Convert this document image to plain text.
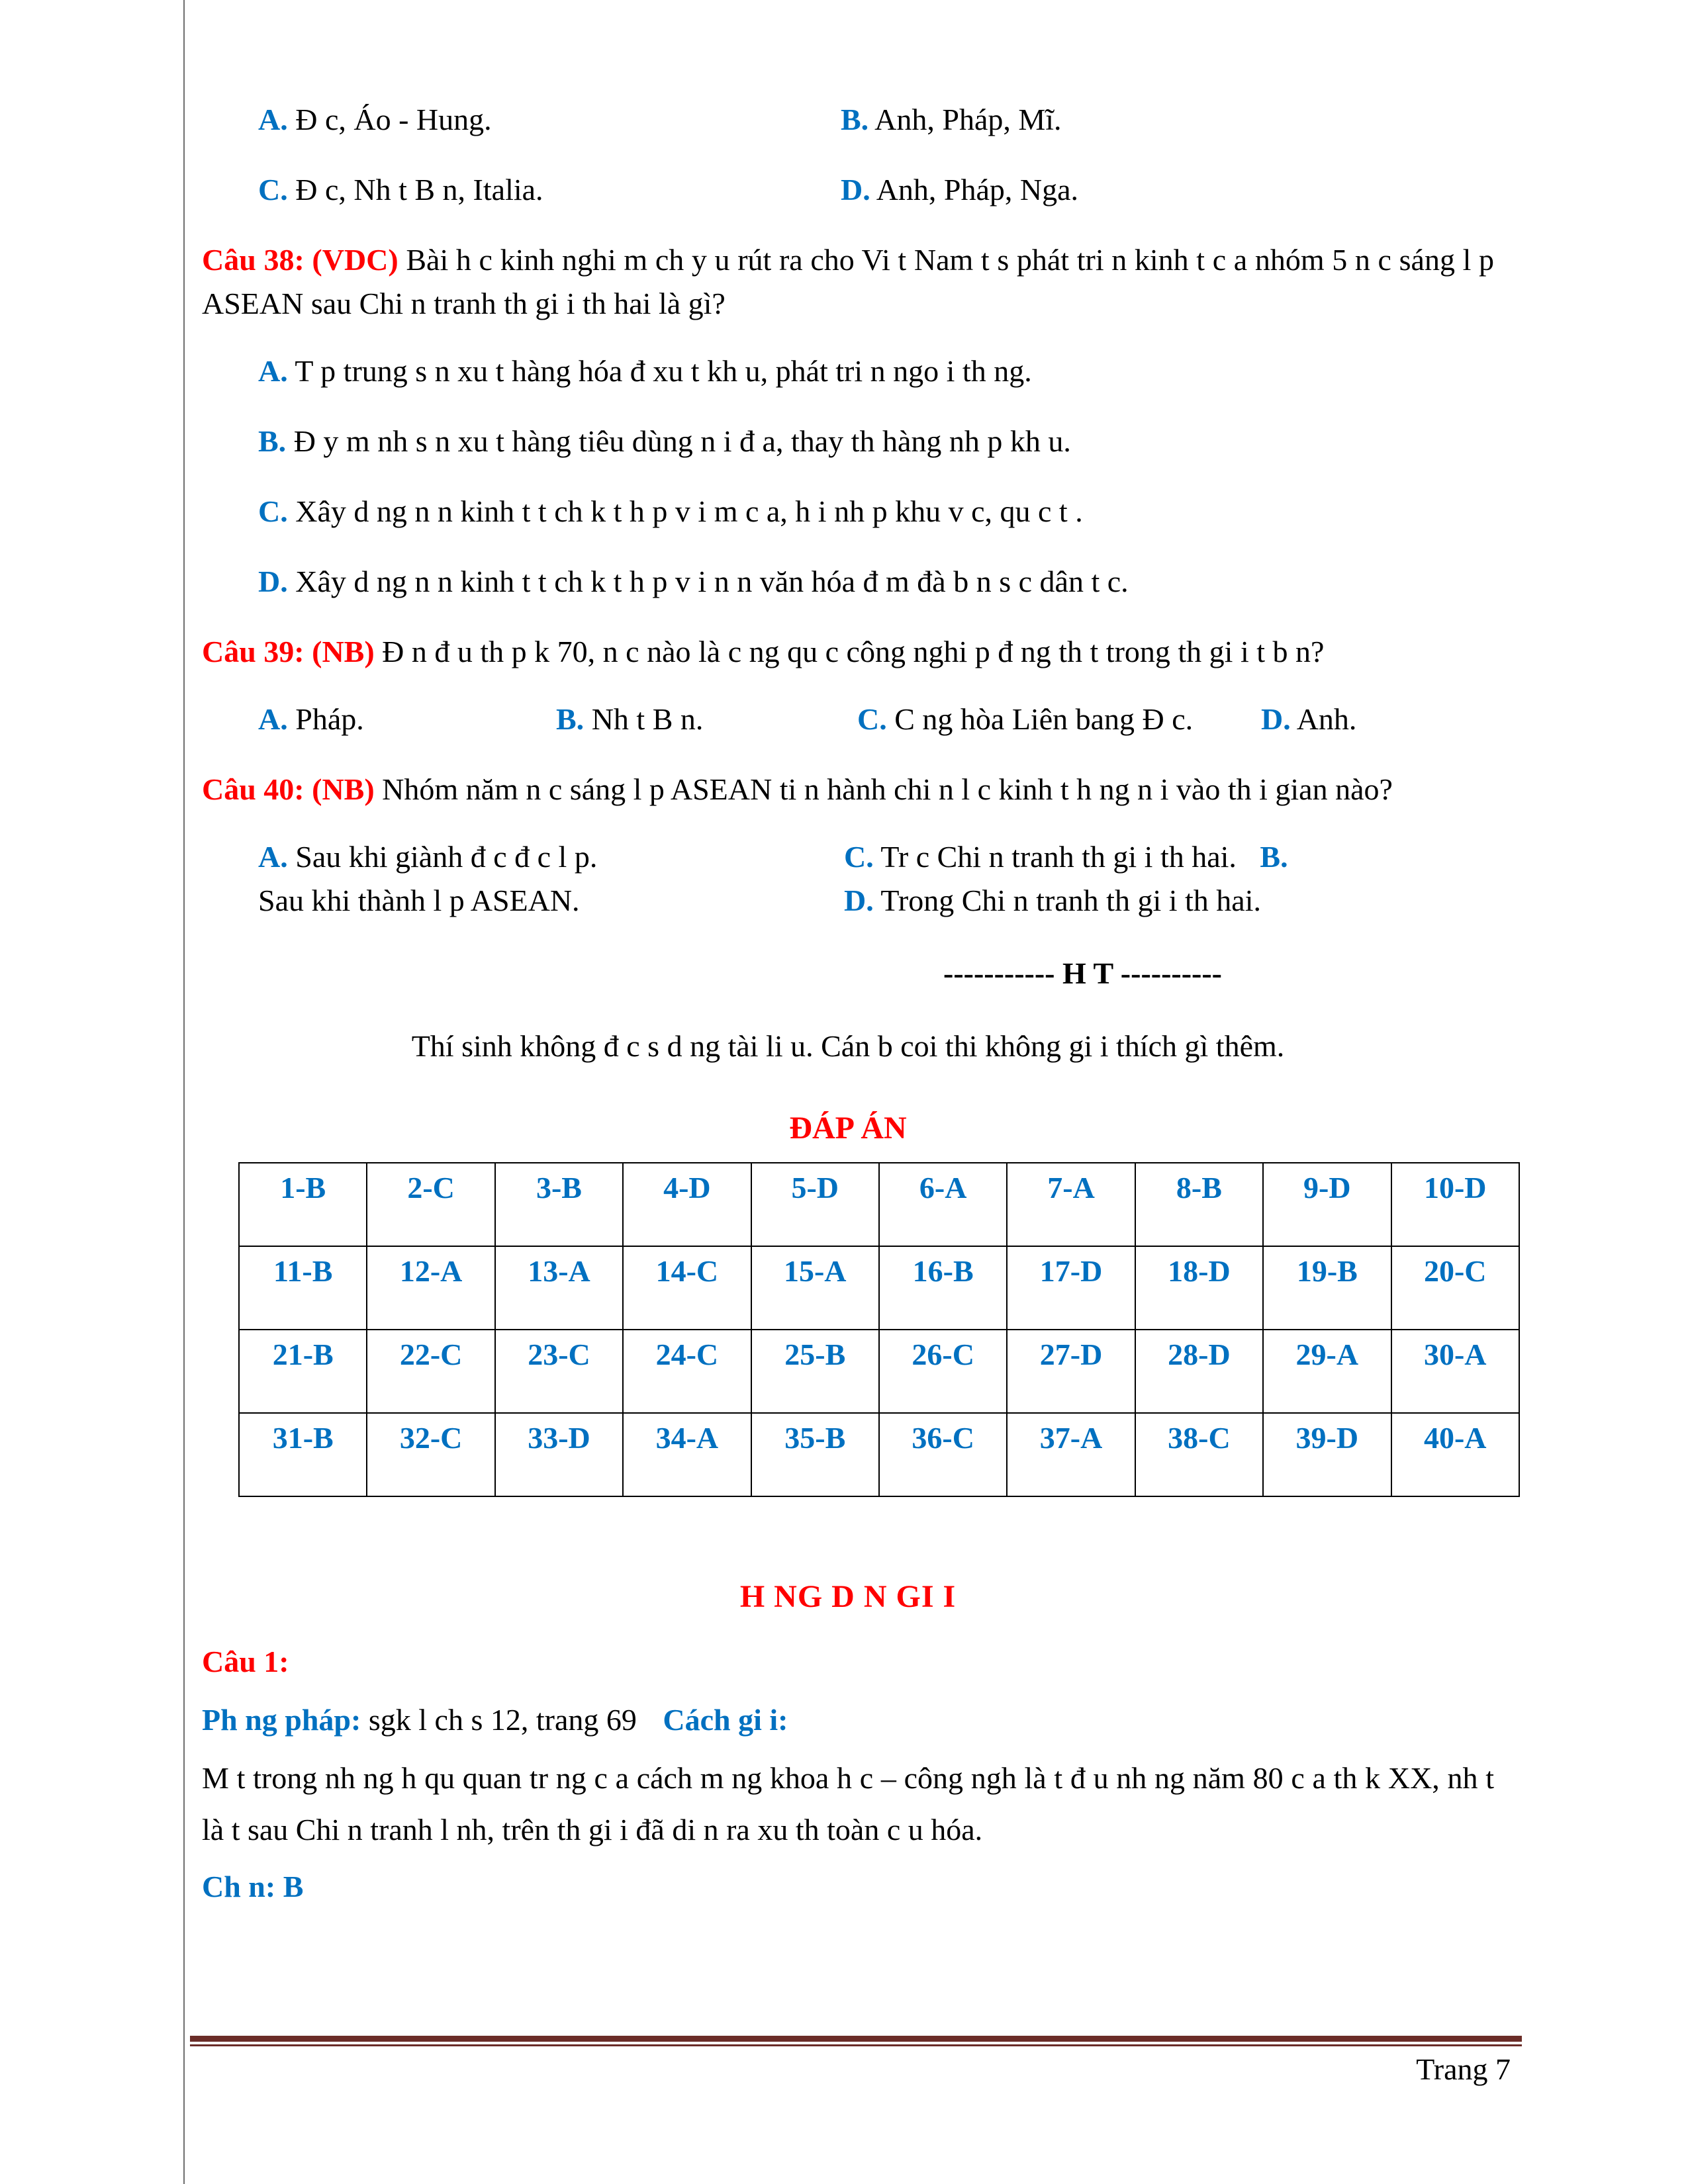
A. Đ c, Áo - Hung.	B. Anh, Pháp, Mĩ.
C. Đ c, Nh t B n, Italia.	D. Anh, Pháp, Nga.

Câu 38: (VDC) Bài h c kinh nghi m ch y u rút ra cho Vi t Nam t s phát tri n kinh t c a nhóm 5 n c sáng l p ASEAN sau Chi n tranh th gi i th hai là gì?

A. T p trung s n xu t hàng hóa đ xu t kh u, phát tri n ngo i th ng.
B. Đ y m nh s n xu t hàng tiêu dùng n i đ a, thay th hàng nh p kh u.
C. Xây d ng n n kinh t t ch k t h p v i m c a, h i nh p khu v c, qu c t .
D. Xây d ng n n kinh t t ch k t h p v i n n văn hóa đ m đà b n s c dân t c.

Câu 39: (NB) Đ n đ u th p k 70, n c nào là c ng qu c công nghi p đ ng th t trong th gi i t b n?

A. Pháp.	B. Nh t B n.	C. C ng hòa Liên bang Đ c.	D. Anh.

Câu 40: (NB) Nhóm năm n c sáng l p ASEAN ti n hành chi n l c kinh t h ng n i vào th i gian nào?

A. Sau khi giành đ c đ c l p.	C. Tr c Chi n tranh th gi i th hai. B.
Sau khi thành l p ASEAN.	D. Trong Chi n tranh th gi i th hai.
----------- H T ----------
Thí sinh không đ c s d ng tài li u. Cán b coi thi không gi i thích gì thêm.
ĐÁP ÁN
1-B	2-C	3-B	4-D	5-D	6-A	7-A	8-B	9-D	10-D
11-B	12-A	13-A	14-C	15-A	16-B	17-D	18-D	19-B	20-C
21-B	22-C	23-C	24-C	25-B	26-C	27-D	28-D	29-A	30-A
31-B	32-C	33-D	34-A	35-B	36-C	37-A	38-C	39-D	40-A
H NG D N GI I

Câu 1:

Ph ng pháp: sgk l ch s 12, trang 69 Cách gi i:

M t trong nh ng h qu quan tr ng c a cách m ng khoa h c – công ngh là t đ u nh ng năm 80 c a th k XX, nh t là t sau Chi n tranh l nh, trên th gi i đã di n ra xu th toàn c u hóa.

Ch n: B

Trang 7
